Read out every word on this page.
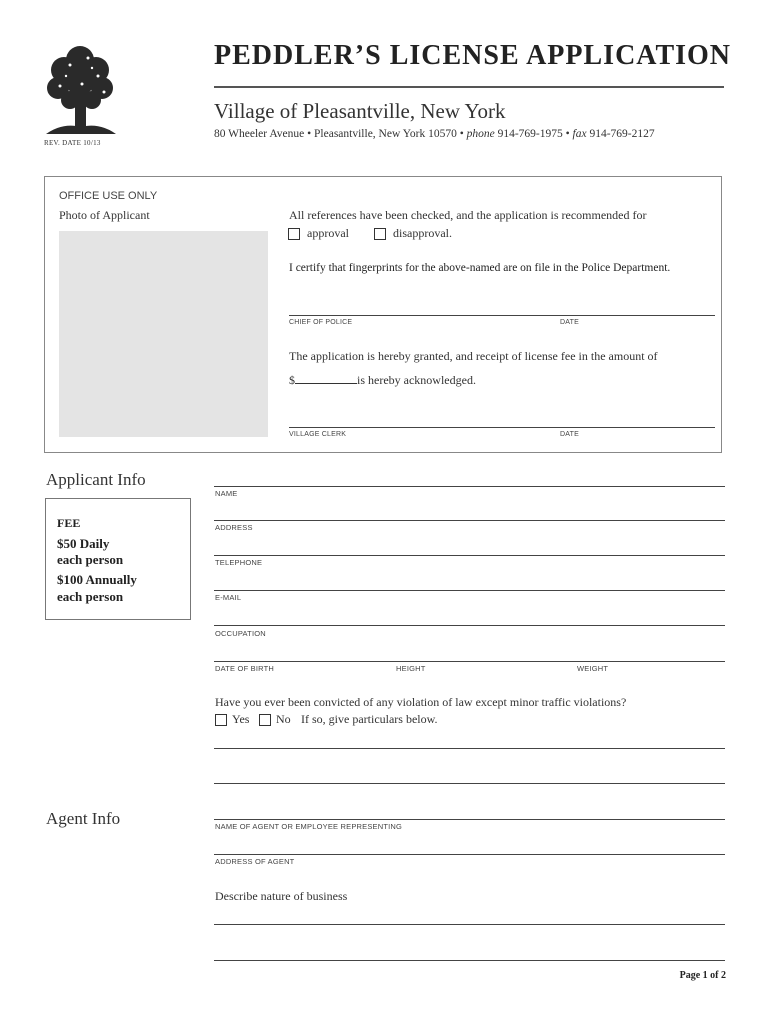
REV. DATE 10/13
PEDDLER’S LICENSE APPLICATION
Village of Pleasantville, New York
80 Wheeler Avenue • Pleasantville, New York 10570 • phone 914-769-1975 • fax 914-769-2127
OFFICE USE ONLY
Photo of Applicant	All references have been checked, and the application is recommended for
approval	disapproval.
I certify that fingerprints for the above-named are on file in the Police Department.
CHIEF OF POLICE	DATE
The application is hereby granted, and receipt of license fee in the amount of
$	is hereby acknowledged.
VILLAGE CLERK	DATE
Applicant Info
FEE
$50 Daily
each person
$100 Annually
each person
NAME
ADDRESS
TELEPHONE
E-MAIL
OCCUPATION
DATE OF BIRTH	HEIGHT	WEIGHT
Have you ever been convicted of any violation of law except minor traffic violations?
Yes No If so, give particulars below.
Agent Info	NAME OF AGENT OR EMPLOYEE REPRESENTING
ADDRESS OF AGENT
Describe nature of business
Page 1 of 2
